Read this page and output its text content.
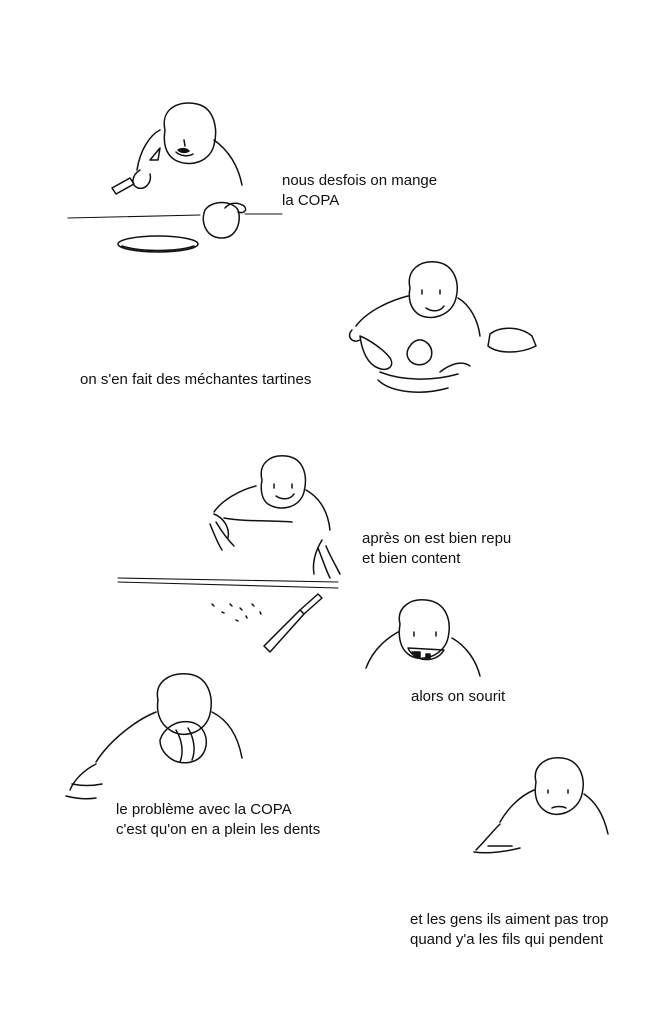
nous desfois on mange
la COPA
on s'en fait des méchantes tartines
après on est bien repu
et bien content
alors on sourit
le problème avec la COPA
c'est qu'on en a plein les dents
et les gens ils aiment pas trop
quand y'a les fils qui pendent
